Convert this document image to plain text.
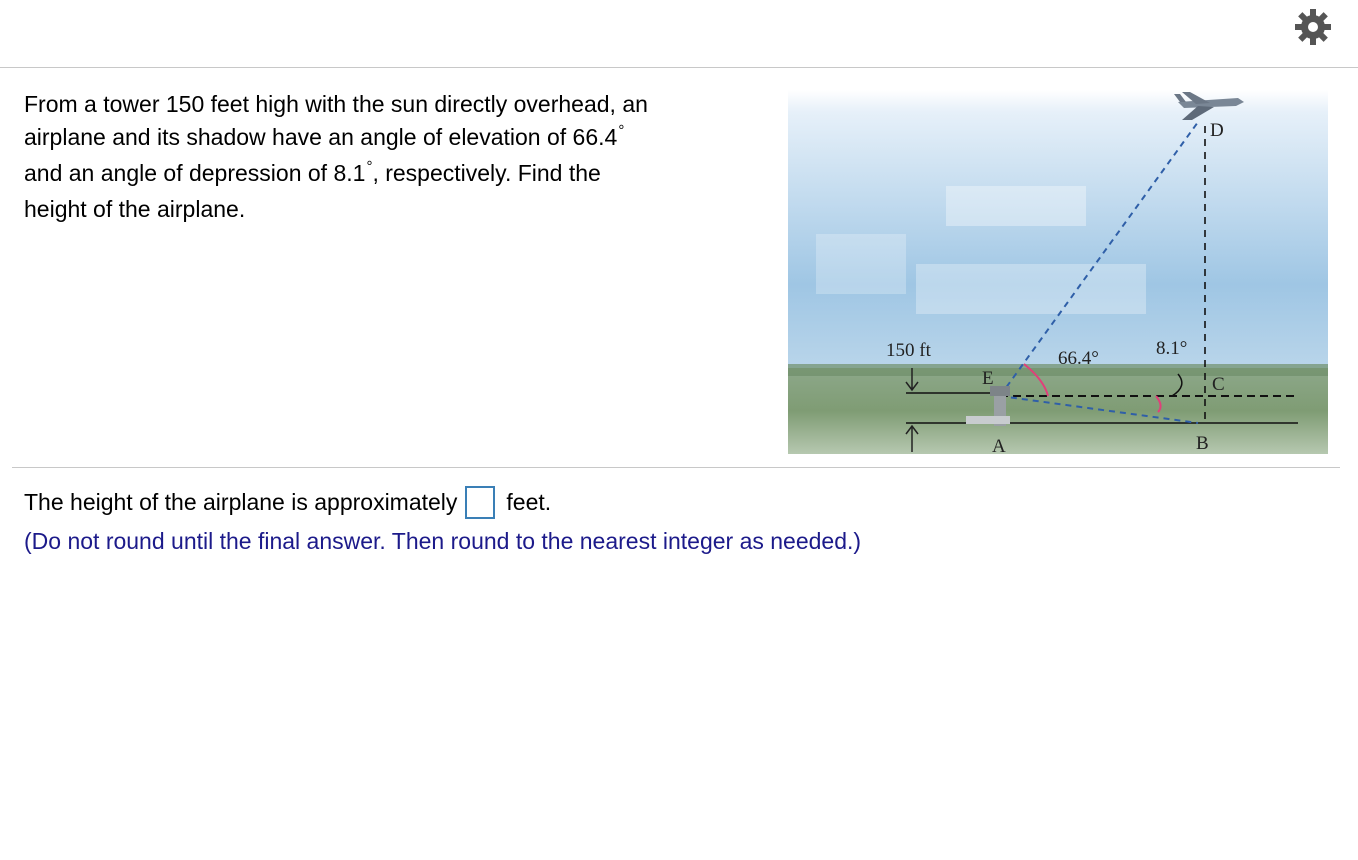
From a tower 150 feet high with the sun directly overhead, an
airplane and its shadow have an angle of elevation of 66.4°
and an angle of depression of 8.1°, respectively. Find the
height of the airplane.
150 ft
E
A	B
C
D
66.4°	8.1°
The height of the airplane is approximately feet.
(Do not round until the final answer. Then round to the nearest integer as needed.)
